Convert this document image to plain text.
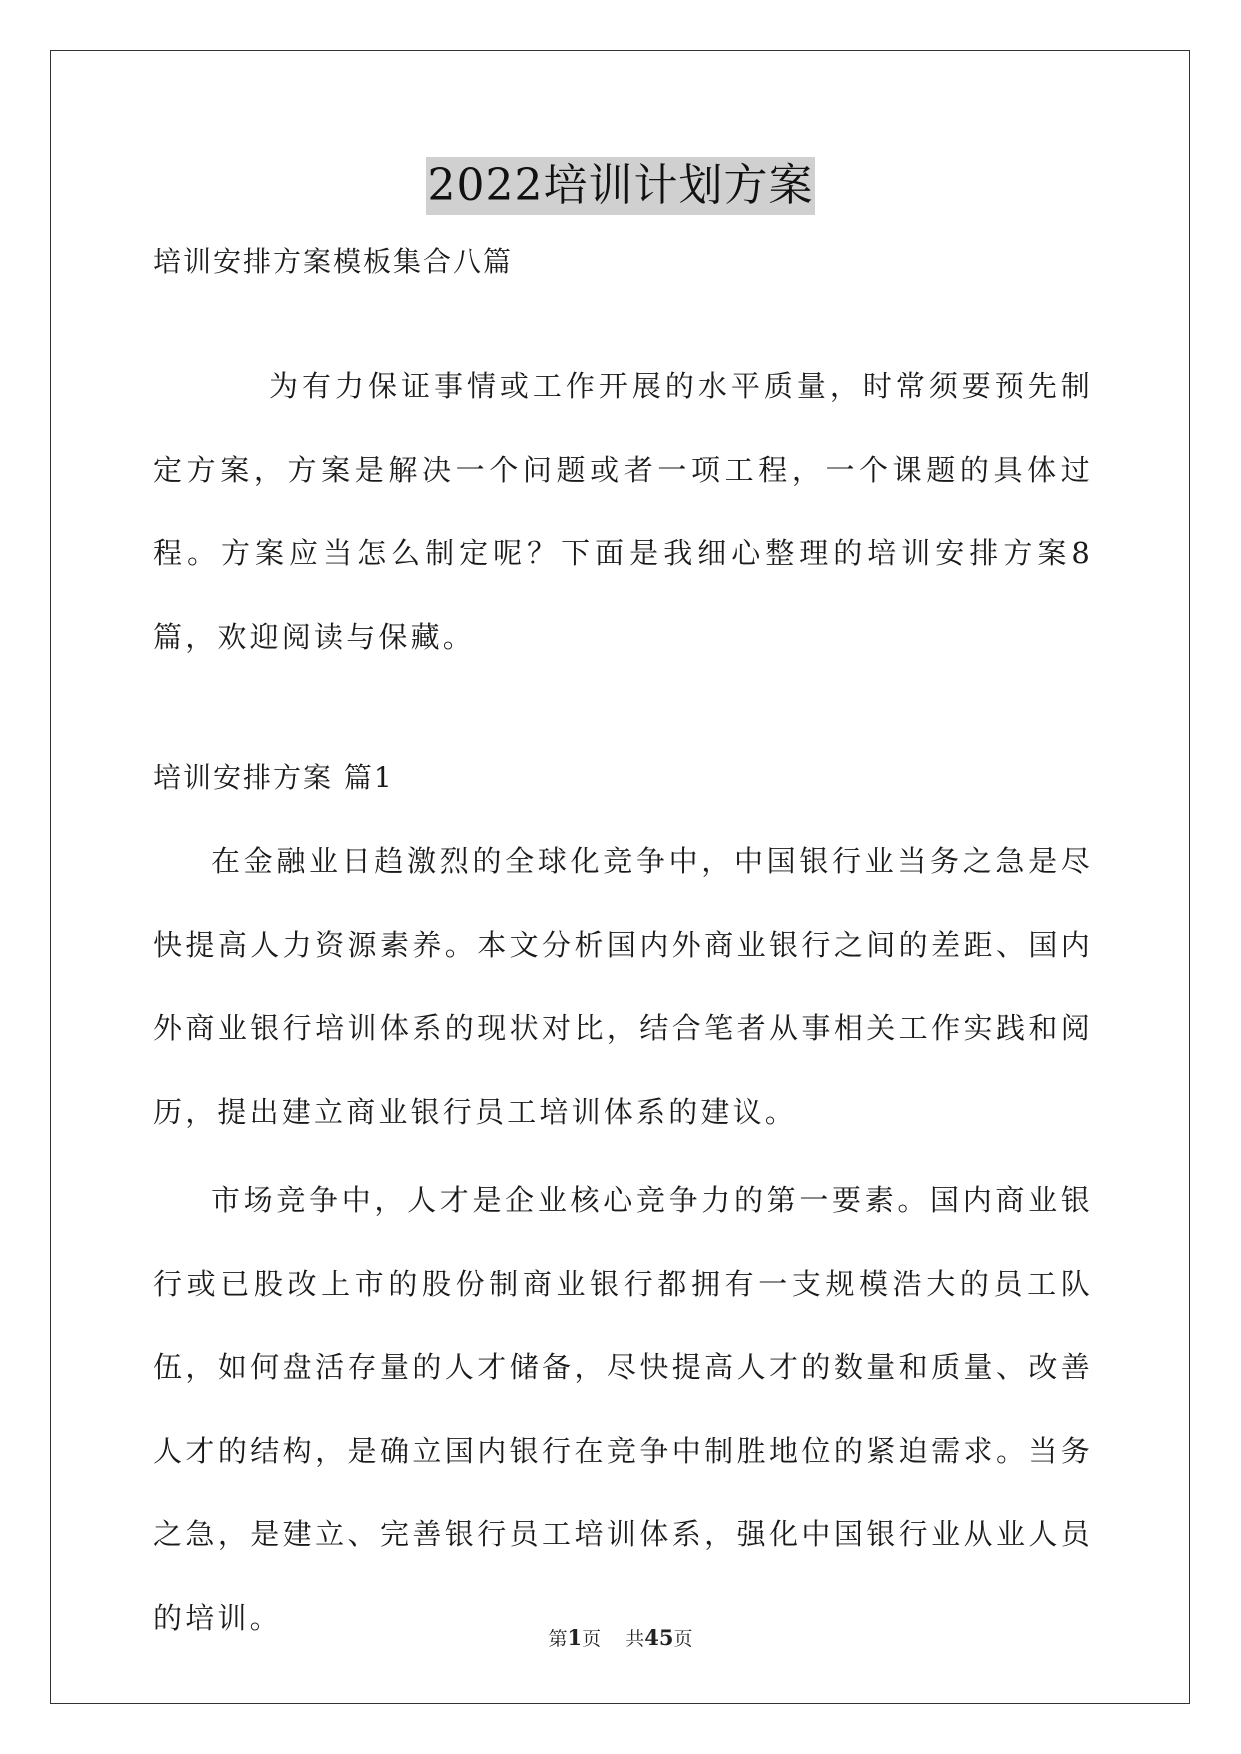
2022培训计划方案
培训安排方案模板集合八篇

为有力保证事情或工作开展的水平质量，时常须要预先制定方案，方案是解决一个问题或者一项工程，一个课题的具体过程。方案应当怎么制定呢？下面是我细心整理的培训安排方案8篇，欢迎阅读与保藏。

培训安排方案 篇1

在金融业日趋激烈的全球化竞争中，中国银行业当务之急是尽快提高人力资源素养。本文分析国内外商业银行之间的差距、国内外商业银行培训体系的现状对比，结合笔者从事相关工作实践和阅历，提出建立商业银行员工培训体系的建议。

市场竞争中，人才是企业核心竞争力的第一要素。国内商业银行或已股改上市的股份制商业银行都拥有一支规模浩大的员工队伍，如何盘活存量的人才储备，尽快提高人才的数量和质量、改善人才的结构，是确立国内银行在竞争中制胜地位的紧迫需求。当务之急，是建立、完善银行员工培训体系，强化中国银行业从业人员的培训。

第1页    共45页
